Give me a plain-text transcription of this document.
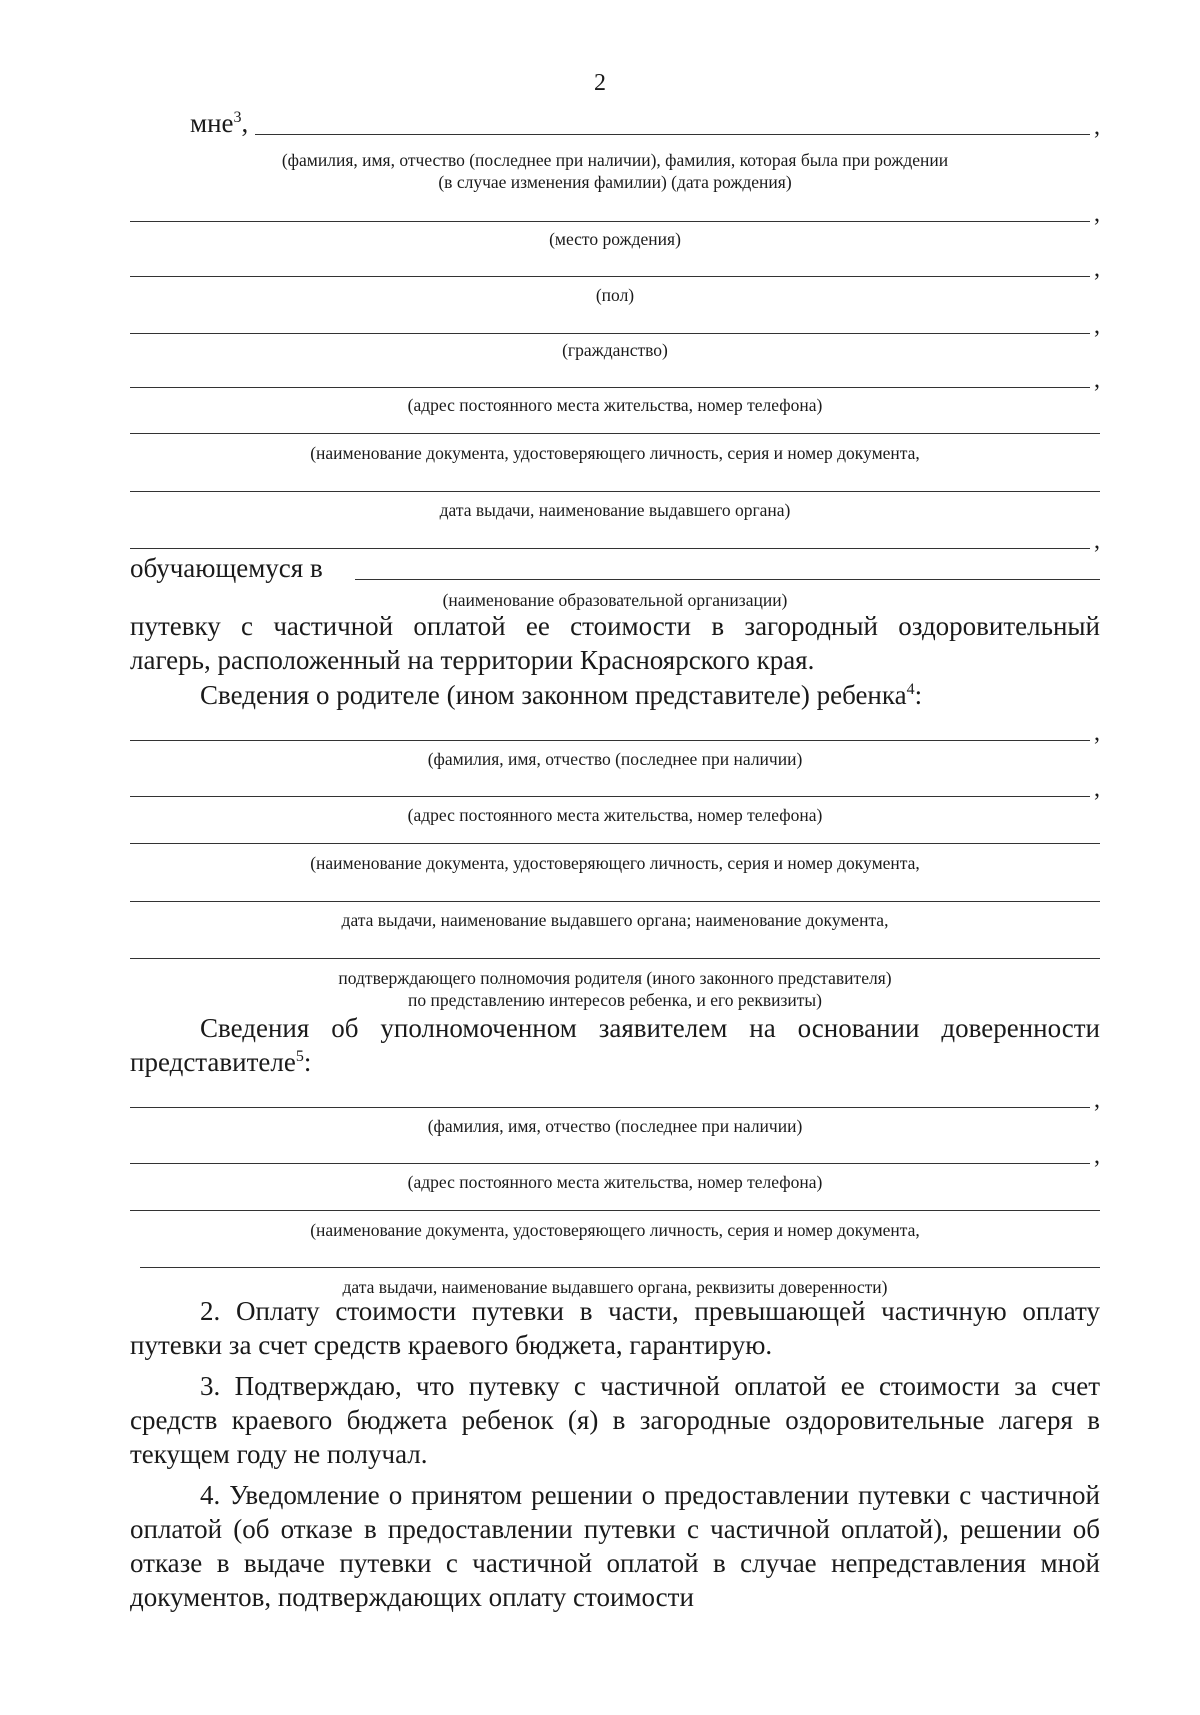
2
мне$^3$,	,
(фамилия, имя, отчество (последнее при наличии), фамилия, которая была при рождении
(в случае изменения фамилии) (дата рождения)
,
(место рождения)
,
(пол)
,
(гражданство)
,
(адрес постоянного места жительства, номер телефона)
(наименование документа, удостоверяющего личность, серия и номер документа,
дата выдачи, наименование выдавшего органа)
,
обучающемуся в
(наименование образовательной организации)

путевку с частичной оплатой ее стоимости в загородный оздоровительный

лагерь, расположенный на территории Красноярского края.

Сведения о родителе (ином законном представителе) ребенка$^4$:

,
(фамилия, имя, отчество (последнее при наличии)
,
(адрес постоянного места жительства, номер телефона)
(наименование документа, удостоверяющего личность, серия и номер документа,
дата выдачи, наименование выдавшего органа; наименование документа,
подтверждающего полномочия родителя (иного законного представителя)
по представлению интересов ребенка, и его реквизиты)

Сведения об уполномоченном заявителем на основании доверенности

представителе$^5$:

,
(фамилия, имя, отчество (последнее при наличии)
,
(адрес постоянного места жительства, номер телефона)
(наименование документа, удостоверяющего личность, серия и номер документа,
дата выдачи, наименование выдавшего органа, реквизиты доверенности)

2. Оплату стоимости путевки в части, превышающей частичную оплату путевки за счет средств краевого бюджета, гарантирую.

3. Подтверждаю, что путевку с частичной оплатой ее стоимости за счет средств краевого бюджета ребенок (я) в загородные оздоровительные лагеря в текущем году не получал.

4. Уведомление о принятом решении о предоставлении путевки с частичной оплатой (об отказе в предоставлении путевки с частичной оплатой), решении об отказе в выдаче путевки с частичной оплатой в случае непредставления мной документов, подтверждающих оплату стоимости
